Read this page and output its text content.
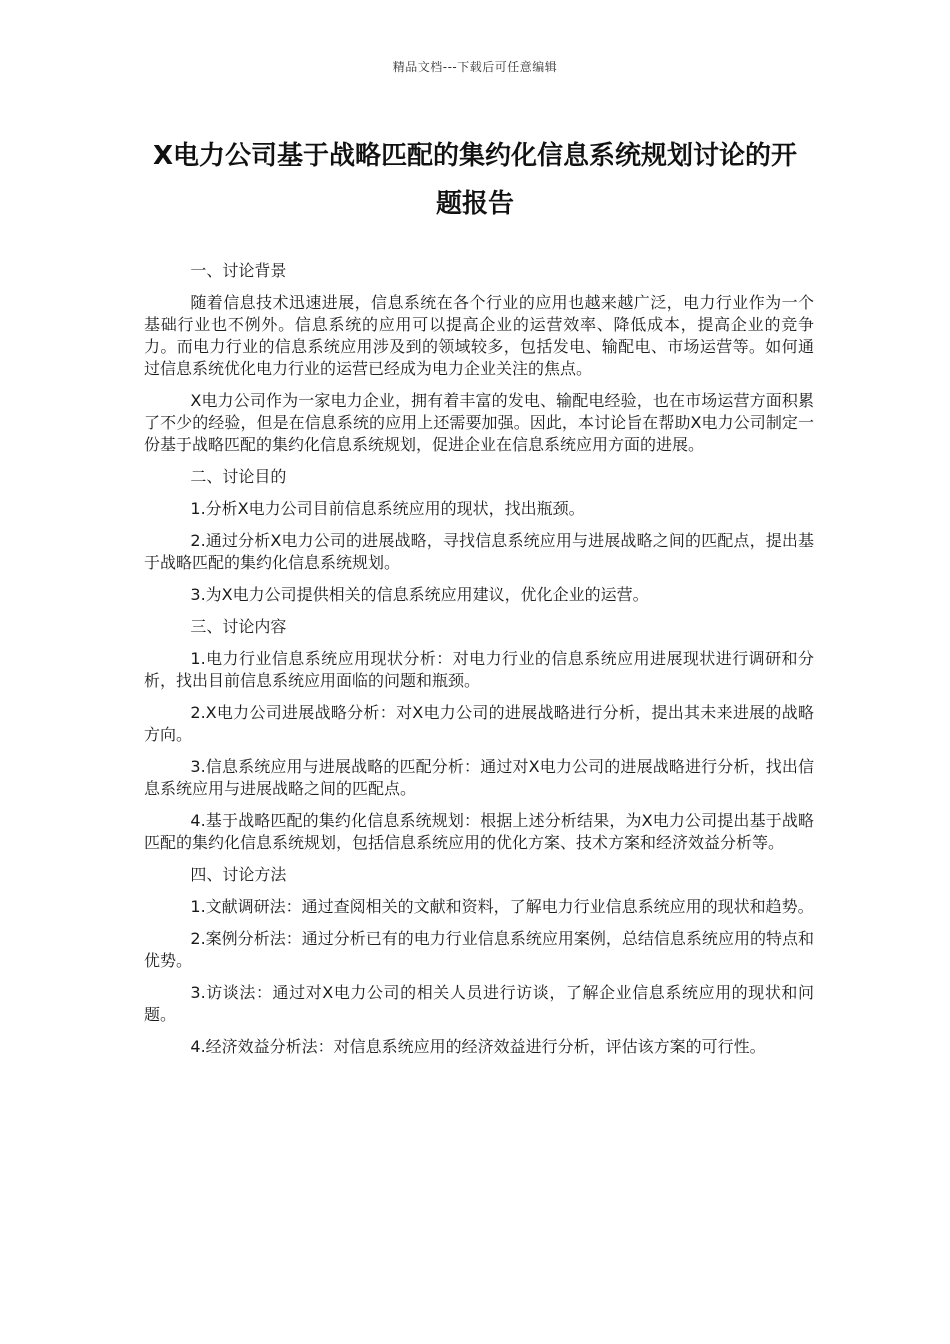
精品文档---下载后可任意编辑
X电力公司基于战略匹配的集约化信息系统规划讨论的开题报告

一、讨论背景

随着信息技术迅速进展，信息系统在各个行业的应用也越来越广泛，电力行业作为一个基础行业也不例外。信息系统的应用可以提高企业的运营效率、降低成本，提高企业的竞争力。而电力行业的信息系统应用涉及到的领域较多，包括发电、输配电、市场运营等。如何通过信息系统优化电力行业的运营已经成为电力企业关注的焦点。

X电力公司作为一家电力企业，拥有着丰富的发电、输配电经验，也在市场运营方面积累了不少的经验，但是在信息系统的应用上还需要加强。因此，本讨论旨在帮助X电力公司制定一份基于战略匹配的集约化信息系统规划，促进企业在信息系统应用方面的进展。

二、讨论目的

1.分析X电力公司目前信息系统应用的现状，找出瓶颈。

2.通过分析X电力公司的进展战略，寻找信息系统应用与进展战略之间的匹配点，提出基于战略匹配的集约化信息系统规划。

3.为X电力公司提供相关的信息系统应用建议，优化企业的运营。

三、讨论内容

1.电力行业信息系统应用现状分析：对电力行业的信息系统应用进展现状进行调研和分析，找出目前信息系统应用面临的问题和瓶颈。

2.X电力公司进展战略分析：对X电力公司的进展战略进行分析，提出其未来进展的战略方向。

3.信息系统应用与进展战略的匹配分析：通过对X电力公司的进展战略进行分析，找出信息系统应用与进展战略之间的匹配点。

4.基于战略匹配的集约化信息系统规划：根据上述分析结果，为X电力公司提出基于战略匹配的集约化信息系统规划，包括信息系统应用的优化方案、技术方案和经济效益分析等。

四、讨论方法

1.文献调研法：通过查阅相关的文献和资料，了解电力行业信息系统应用的现状和趋势。

2.案例分析法：通过分析已有的电力行业信息系统应用案例，总结信息系统应用的特点和优势。

3.访谈法：通过对X电力公司的相关人员进行访谈，了解企业信息系统应用的现状和问题。

4.经济效益分析法：对信息系统应用的经济效益进行分析，评估该方案的可行性。
